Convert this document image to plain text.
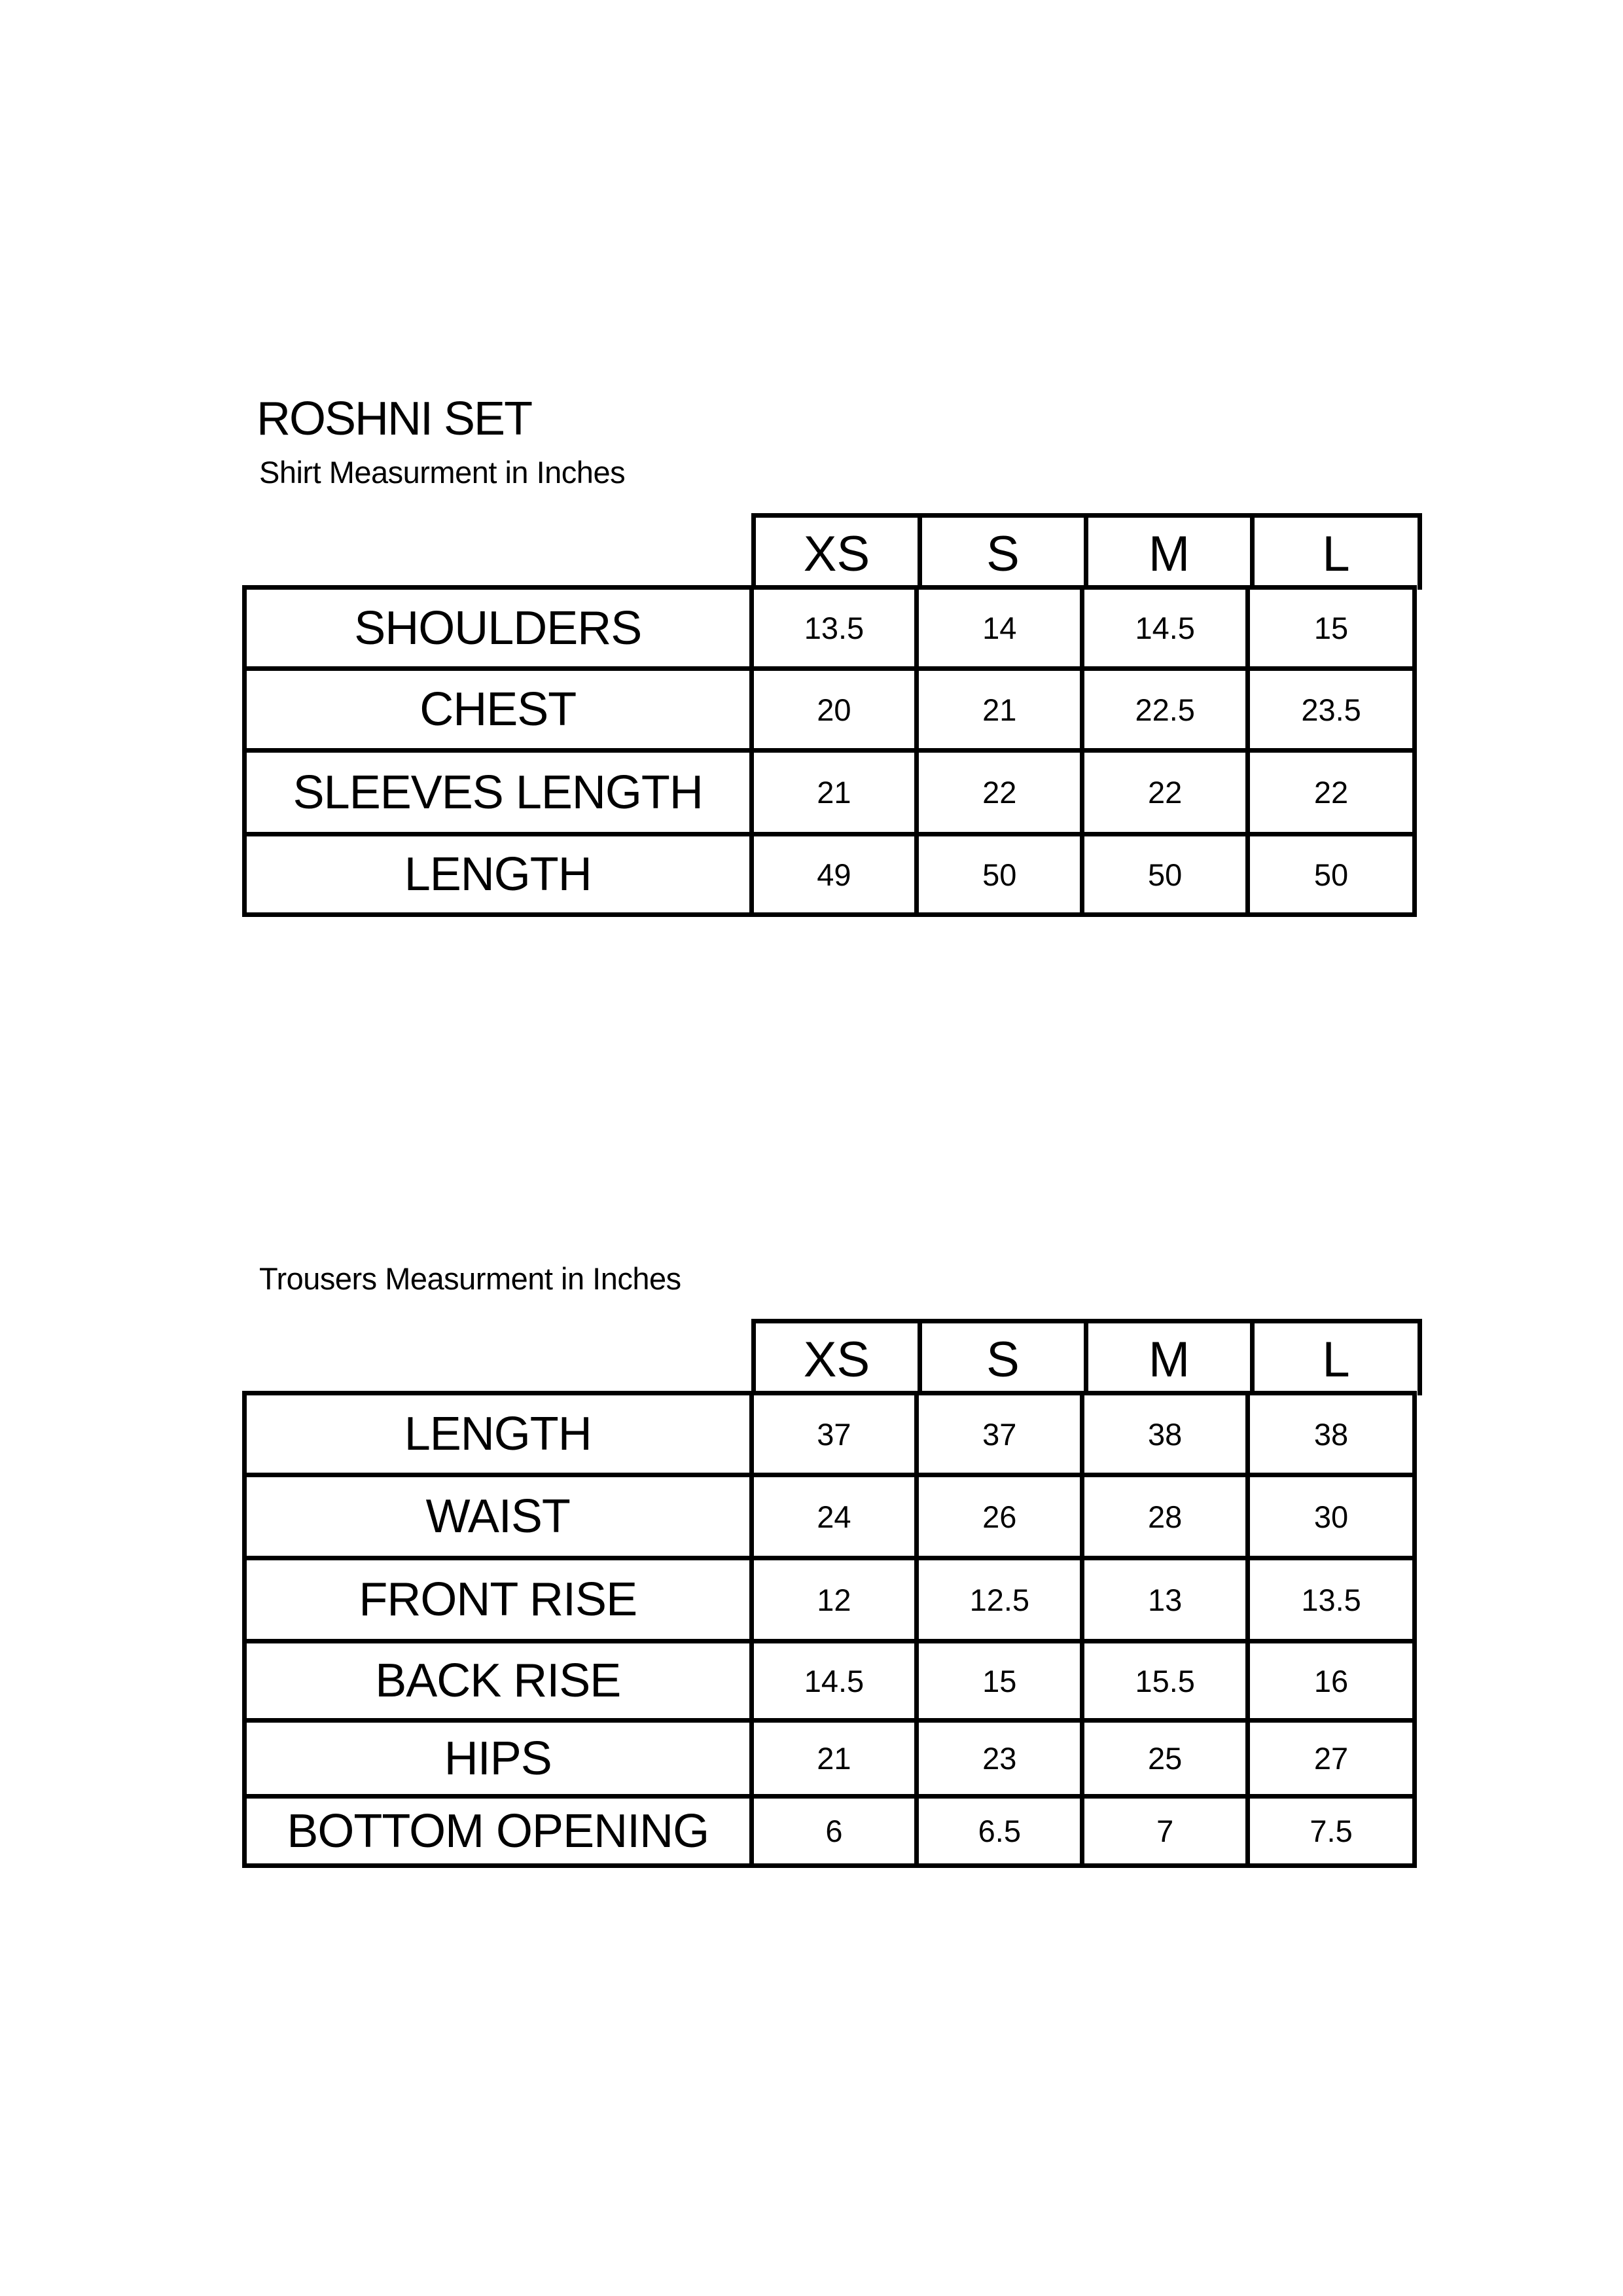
ROSHNI SET
Shirt Measurment in Inches
XS	S	M	L
SHOULDERS	13.5	14	14.5	15
CHEST	20	21	22.5	23.5
SLEEVES LENGTH	21	22	22	22
LENGTH	49	50	50	50
Trousers Measurment in Inches
XS	S	M	L
LENGTH	37	37	38	38
WAIST	24	26	28	30
FRONT RISE	12	12.5	13	13.5
BACK RISE	14.5	15	15.5	16
HIPS	21	23	25	27
BOTTOM OPENING	6	6.5	7	7.5
